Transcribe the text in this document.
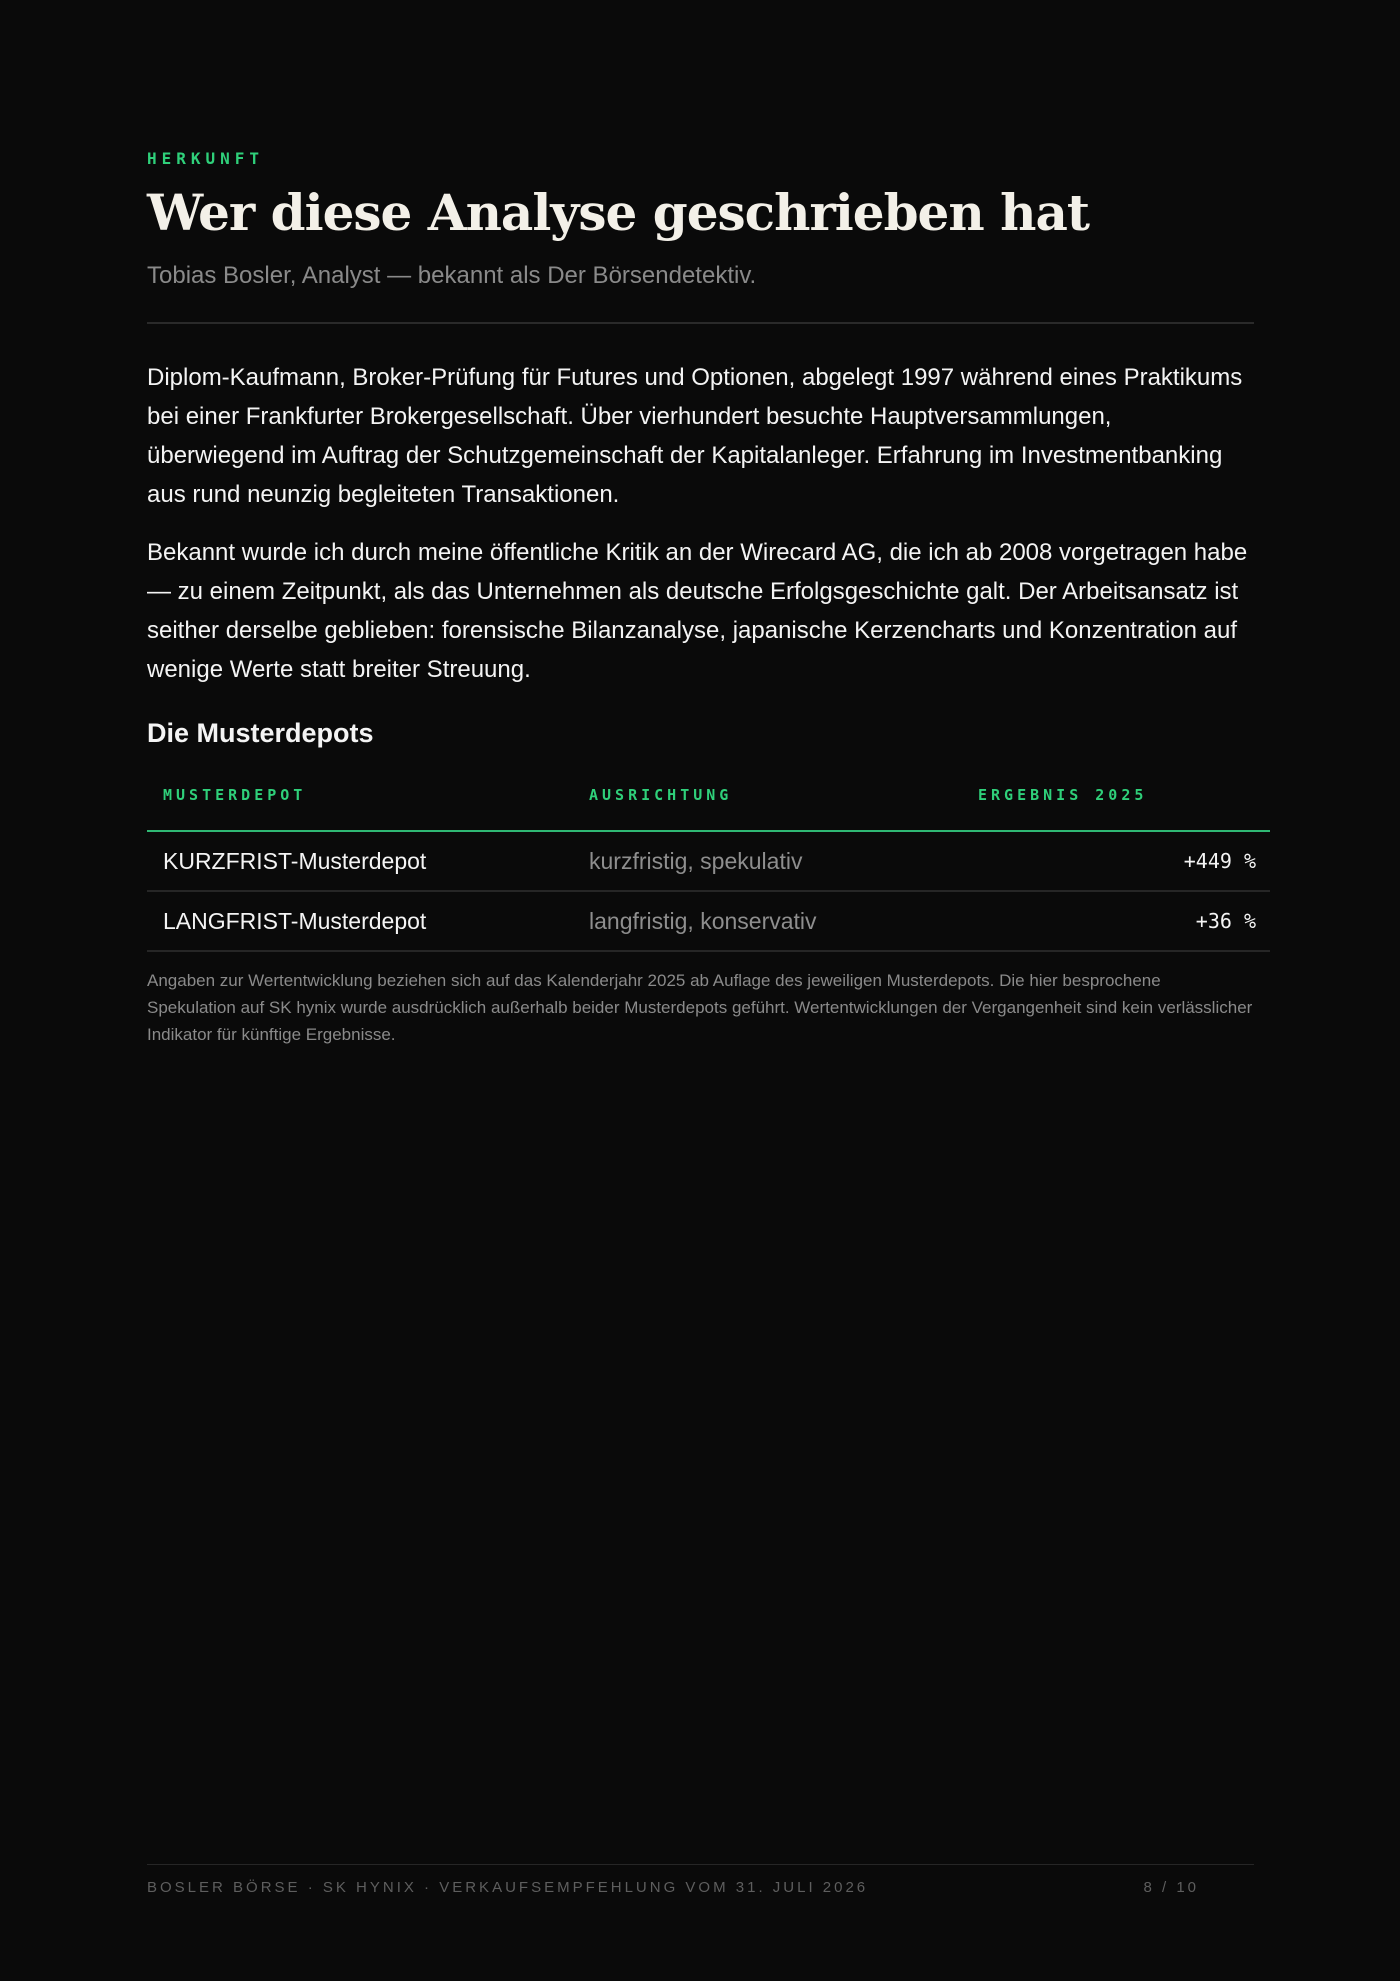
HERKUNFT
Wer diese Analyse geschrieben hat
Tobias Bosler, Analyst — bekannt als Der Börsendetektiv.

Diplom-Kaufmann, Broker-Prüfung für Futures und Optionen, abgelegt 1997 während eines Praktikums bei einer Frankfurter Brokergesellschaft. Über vierhundert besuchte Hauptversammlungen, überwiegend im Auftrag der Schutzgemeinschaft der Kapitalanleger. Erfahrung im Investmentbanking aus rund neunzig begleiteten Transaktionen.

Bekannt wurde ich durch meine öffentliche Kritik an der Wirecard AG, die ich ab 2008 vorgetragen habe — zu einem Zeitpunkt, als das Unternehmen als deutsche Erfolgsgeschichte galt. Der Arbeitsansatz ist seither derselbe geblieben: forensische Bilanzanalyse, japanische Kerzencharts und Konzentration auf wenige Werte statt breiter Streuung.

Die Musterdepots
MUSTERDEPOT	AUSRICHTUNG	ERGEBNIS 2025
KURZFRIST-Musterdepot	kurzfristig, spekulativ	+449 %
LANGFRIST-Musterdepot	langfristig, konservativ	+36 %

Angaben zur Wertentwicklung beziehen sich auf das Kalenderjahr 2025 ab Auflage des jeweiligen Musterdepots. Die hier besprochene Spekulation auf SK hynix wurde ausdrücklich außerhalb beider Musterdepots geführt. Wertentwicklungen der Vergangenheit sind kein verlässlicher Indikator für künftige Ergebnisse.

BOSLER BÖRSE · SK HYNIX · VERKAUFSEMPFEHLUNG VOM 31. JULI 2026	8 / 10
